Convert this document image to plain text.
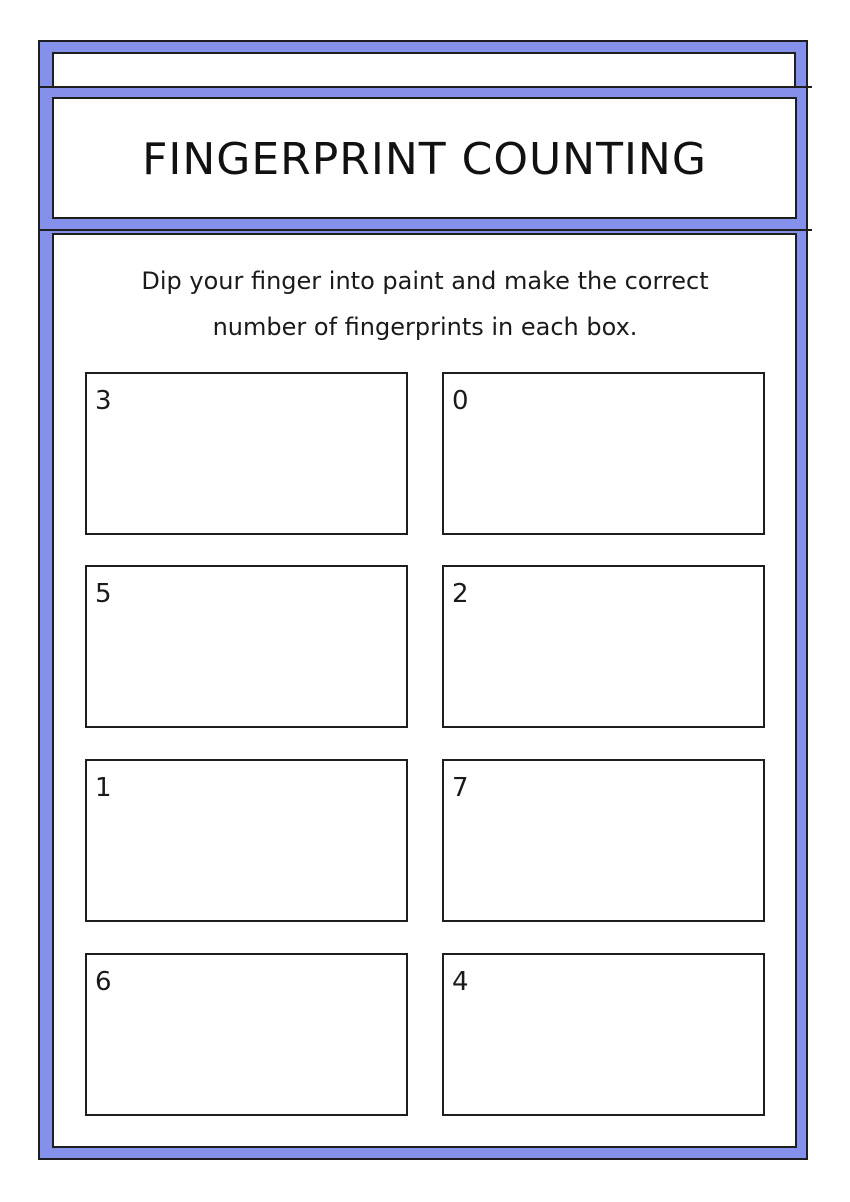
FINGERPRINT COUNTING
Dip your finger into paint and make the correct
number of fingerprints in each box.
3	0
5	2
1	7
6	4
